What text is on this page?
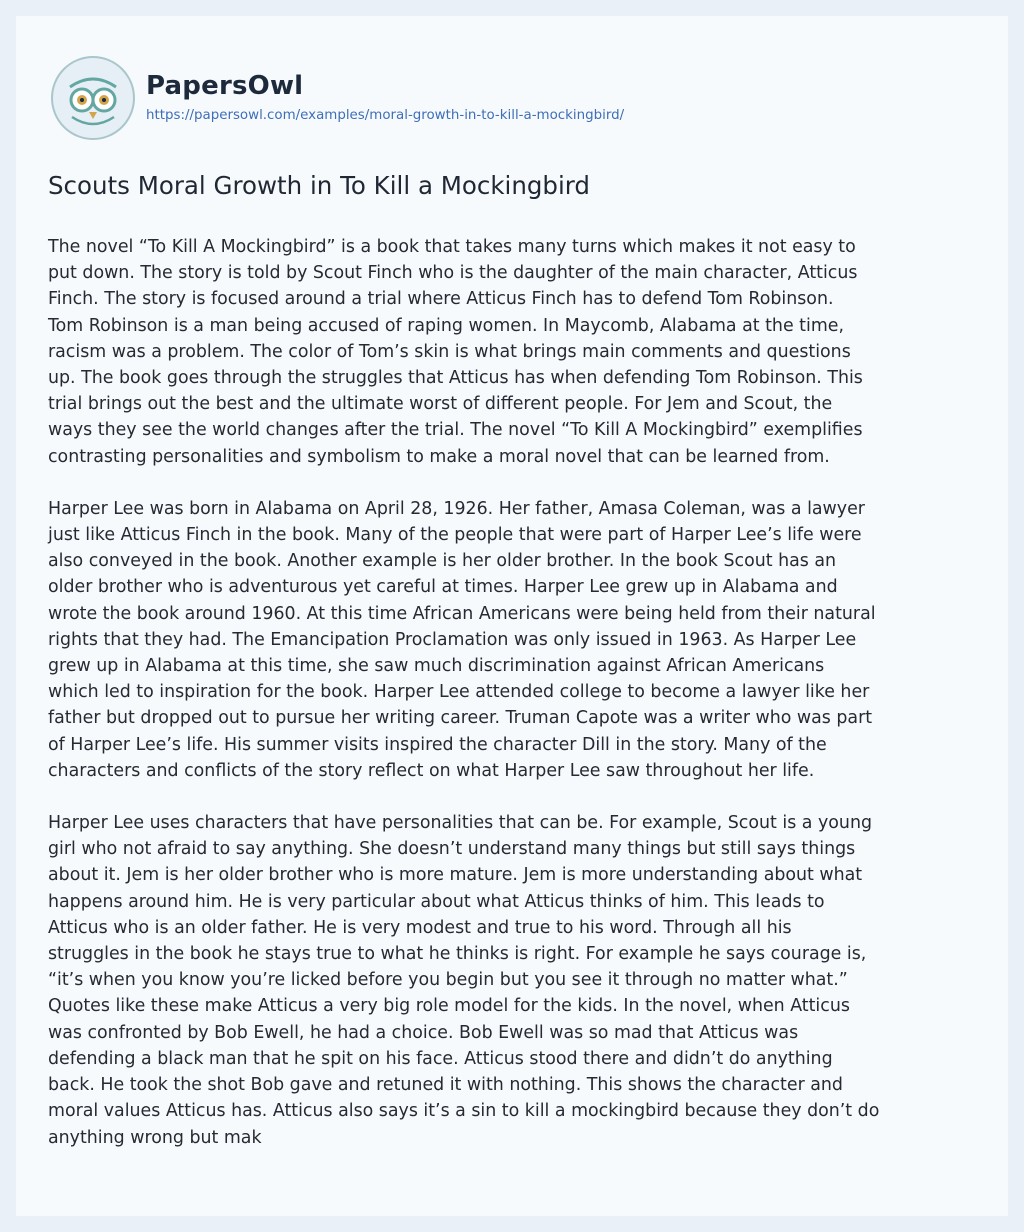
PapersOwl
https://papersowl.com/examples/moral-growth-in-to-kill-a-mockingbird/
Scouts Moral Growth in To Kill a Mockingbird

The novel “To Kill A Mockingbird” is a book that takes many turns which makes it not easy to
put down. The story is told by Scout Finch who is the daughter of the main character, Atticus
Finch. The story is focused around a trial where Atticus Finch has to defend Tom Robinson.
Tom Robinson is a man being accused of raping women. In Maycomb, Alabama at the time,
racism was a problem. The color of Tom’s skin is what brings main comments and questions
up. The book goes through the struggles that Atticus has when defending Tom Robinson. This
trial brings out the best and the ultimate worst of different people. For Jem and Scout, the
ways they see the world changes after the trial. The novel “To Kill A Mockingbird” exemplifies
contrasting personalities and symbolism to make a moral novel that can be learned from.

Harper Lee was born in Alabama on April 28, 1926. Her father, Amasa Coleman, was a lawyer
just like Atticus Finch in the book. Many of the people that were part of Harper Lee’s life were
also conveyed in the book. Another example is her older brother. In the book Scout has an
older brother who is adventurous yet careful at times. Harper Lee grew up in Alabama and
wrote the book around 1960. At this time African Americans were being held from their natural
rights that they had. The Emancipation Proclamation was only issued in 1963. As Harper Lee
grew up in Alabama at this time, she saw much discrimination against African Americans
which led to inspiration for the book. Harper Lee attended college to become a lawyer like her
father but dropped out to pursue her writing career. Truman Capote was a writer who was part
of Harper Lee’s life. His summer visits inspired the character Dill in the story. Many of the
characters and conflicts of the story reflect on what Harper Lee saw throughout her life.

Harper Lee uses characters that have personalities that can be. For example, Scout is a young
girl who not afraid to say anything. She doesn’t understand many things but still says things
about it. Jem is her older brother who is more mature. Jem is more understanding about what
happens around him. He is very particular about what Atticus thinks of him. This leads to
Atticus who is an older father. He is very modest and true to his word. Through all his
struggles in the book he stays true to what he thinks is right. For example he says courage is,
“it’s when you know you’re licked before you begin but you see it through no matter what.”
Quotes like these make Atticus a very big role model for the kids. In the novel, when Atticus
was confronted by Bob Ewell, he had a choice. Bob Ewell was so mad that Atticus was
defending a black man that he spit on his face. Atticus stood there and didn’t do anything
back. He took the shot Bob gave and retuned it with nothing. This shows the character and
moral values Atticus has. Atticus also says it’s a sin to kill a mockingbird because they don’t do
anything wrong but mak
